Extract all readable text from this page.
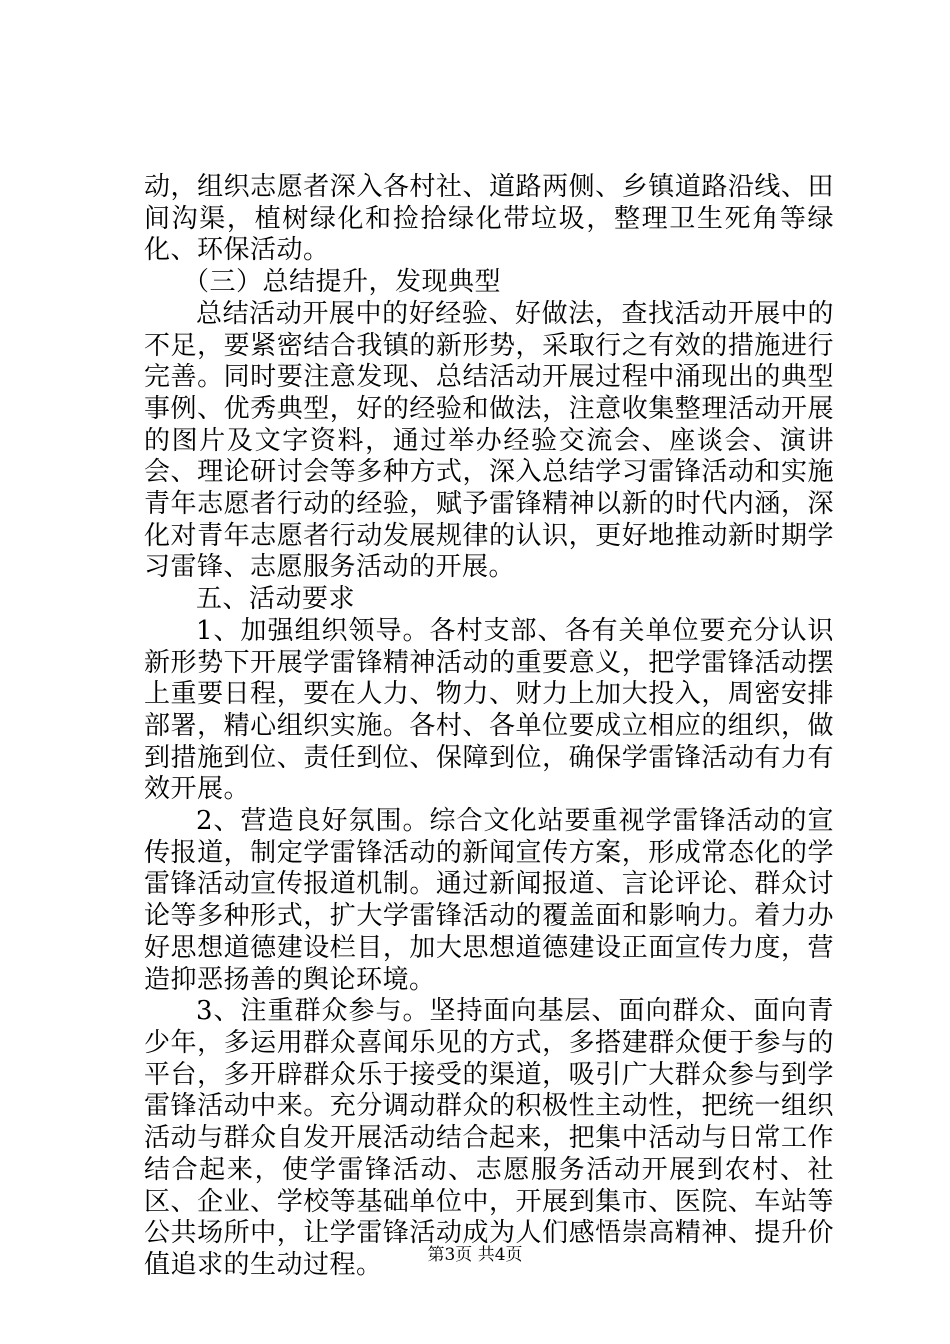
动，组织志愿者深入各村社、道路两侧、乡镇道路沿线、田间沟渠，植树绿化和捡拾绿化带垃圾，整理卫生死角等绿化、环保活动。

（三）总结提升，发现典型

总结活动开展中的好经验、好做法，查找活动开展中的不足，要紧密结合我镇的新形势，采取行之有效的措施进行完善。同时要注意发现、总结活动开展过程中涌现出的典型事例、优秀典型，好的经验和做法，注意收集整理活动开展的图片及文字资料，通过举办经验交流会、座谈会、演讲会、理论研讨会等多种方式，深入总结学习雷锋活动和实施青年志愿者行动的经验，赋予雷锋精神以新的时代内涵，深化对青年志愿者行动发展规律的认识，更好地推动新时期学习雷锋、志愿服务活动的开展。

五、活动要求

1、加强组织领导。各村支部、各有关单位要充分认识新形势下开展学雷锋精神活动的重要意义，把学雷锋活动摆上重要日程，要在人力、物力、财力上加大投入，周密安排部署，精心组织实施。各村、各单位要成立相应的组织，做到措施到位、责任到位、保障到位，确保学雷锋活动有力有效开展。

2、营造良好氛围。综合文化站要重视学雷锋活动的宣传报道，制定学雷锋活动的新闻宣传方案，形成常态化的学雷锋活动宣传报道机制。通过新闻报道、言论评论、群众讨论等多种形式，扩大学雷锋活动的覆盖面和影响力。着力办好思想道德建设栏目，加大思想道德建设正面宣传力度，营造抑恶扬善的舆论环境。

3、注重群众参与。坚持面向基层、面向群众、面向青少年，多运用群众喜闻乐见的方式，多搭建群众便于参与的平台，多开辟群众乐于接受的渠道，吸引广大群众参与到学雷锋活动中来。充分调动群众的积极性主动性，把统一组织活动与群众自发开展活动结合起来，把集中活动与日常工作结合起来，使学雷锋活动、志愿服务活动开展到农村、社区、企业、学校等基础单位中，开展到集市、医院、车站等公共场所中，让学雷锋活动成为人们感悟崇高精神、提升价值追求的生动过程。	第3页 共4页
